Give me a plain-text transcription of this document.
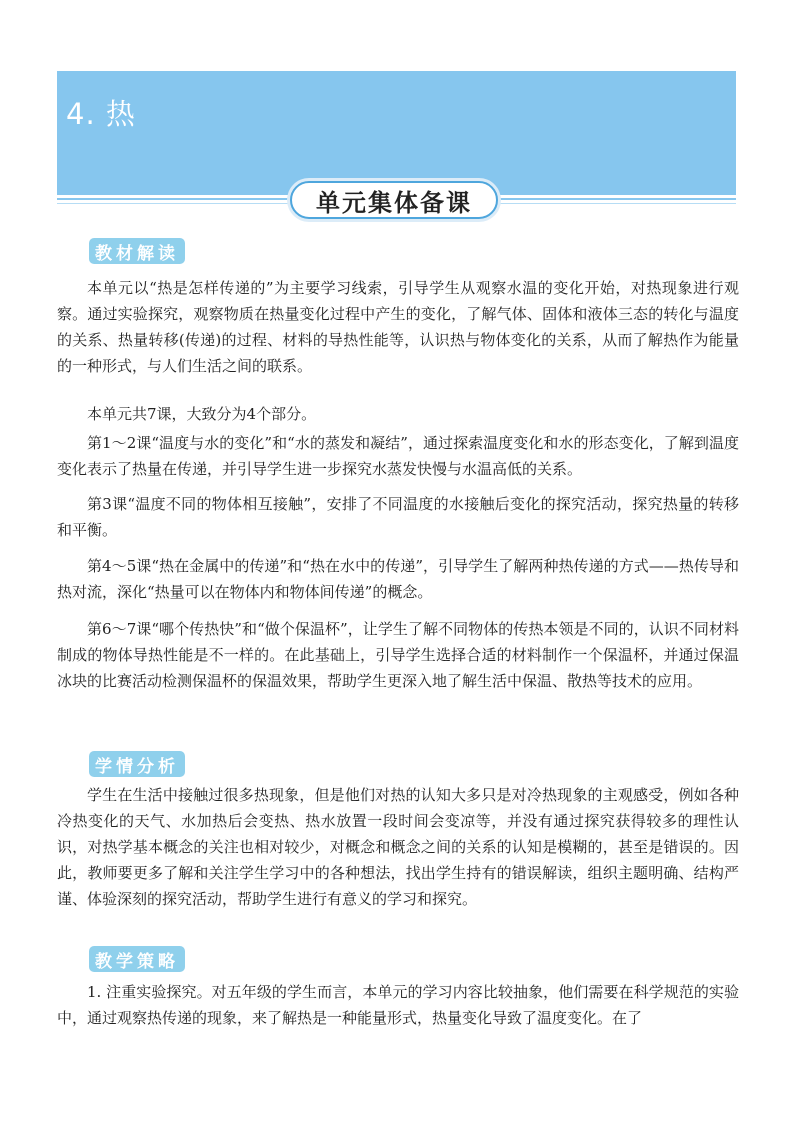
4. 热
单元集体备课
教材解读

本单元以“热是怎样传递的”为主要学习线索，引导学生从观察水温的变化开始，对热现象进行观察。通过实验探究，观察物质在热量变化过程中产生的变化，了解气体、固体和液体三态的转化与温度的关系、热量转移(传递)的过程、材料的导热性能等，认识热与物体变化的关系，从而了解热作为能量的一种形式，与人们生活之间的联系。

本单元共7课，大致分为4个部分。

第1～2课“温度与水的变化”和“水的蒸发和凝结”，通过探索温度变化和水的形态变化，了解到温度变化表示了热量在传递，并引导学生进一步探究水蒸发快慢与水温高低的关系。

第3课“温度不同的物体相互接触”，安排了不同温度的水接触后变化的探究活动，探究热量的转移和平衡。

第4～5课“热在金属中的传递”和“热在水中的传递”，引导学生了解两种热传递的方式——热传导和热对流，深化“热量可以在物体内和物体间传递”的概念。

第6～7课“哪个传热快”和“做个保温杯”，让学生了解不同物体的传热本领是不同的，认识不同材料制成的物体导热性能是不一样的。在此基础上，引导学生选择合适的材料制作一个保温杯，并通过保温冰块的比赛活动检测保温杯的保温效果，帮助学生更深入地了解生活中保温、散热等技术的应用。

学情分析

学生在生活中接触过很多热现象，但是他们对热的认知大多只是对冷热现象的主观感受，例如各种冷热变化的天气、水加热后会变热、热水放置一段时间会变凉等，并没有通过探究获得较多的理性认识，对热学基本概念的关注也相对较少，对概念和概念之间的关系的认知是模糊的，甚至是错误的。因此，教师要更多了解和关注学生学习中的各种想法，找出学生持有的错误解读，组织主题明确、结构严谨、体验深刻的探究活动，帮助学生进行有意义的学习和探究。

教学策略

1. 注重实验探究。对五年级的学生而言，本单元的学习内容比较抽象，他们需要在科学规范的实验中，通过观察热传递的现象，来了解热是一种能量形式，热量变化导致了温度变化。在了
